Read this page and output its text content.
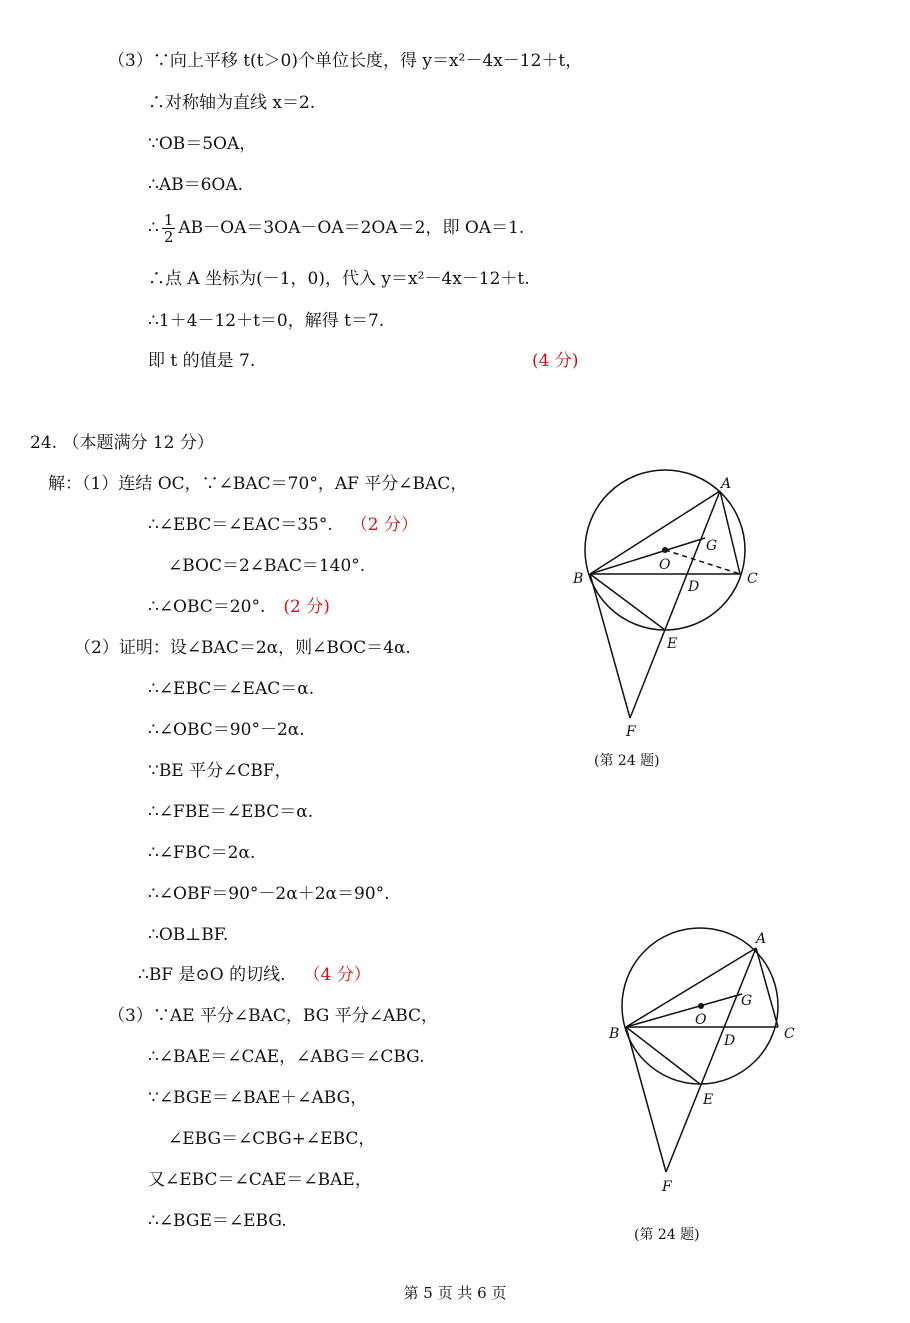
（3）∵向上平移 t(t＞0)个单位长度，得 y＝x²－4x－12＋t，
∴对称轴为直线 x＝2.
∵OB＝5OA，
∴AB＝6OA.
∴ $\frac{1}{2} AB-OA=3OA-OA=2OA=2$，即 OA＝1.
∴点 A 坐标为(－1，0)，代入 y＝x²－4x－12＋t.
∴1＋4－12＋t＝0，解得 t＝7.
即 t 的值是 7.	(4 分)
24. （本题满分 12 分）
解：（1）连结 OC，∵∠BAC＝70°，AF 平分∠BAC，
∴∠EBC＝∠EAC＝35°. （2 分）
∠BOC＝2∠BAC＝140°.
∴∠OBC＝20°. (2 分)
（2）证明：设∠BAC＝2α，则∠BOC＝4α.
∴∠EBC＝∠EAC＝α.
∴∠OBC＝90°－2α.
∵BE 平分∠CBF，
∴∠FBE＝∠EBC＝α.
∴∠FBC＝2α.
∴∠OBF＝90°－2α＋2α＝90°.
∴OB⊥BF.
∴BF 是⊙O 的切线. （4 分）
（3）∵AE 平分∠BAC，BG 平分∠ABC，
∴∠BAE＝∠CAE，∠ABG＝∠CBG.
∵∠BGE＝∠BAE＋∠ABG，
∠EBG＝∠CBG+∠EBC，
又∠EBC＝∠CAE＝∠BAE，
∴∠BGE＝∠EBG.
A
B	C
D
E
F
G
O
(第 24 题)
A
B	C
D
E
F
G
O
(第 24 题)
第 5 页 共 6 页
